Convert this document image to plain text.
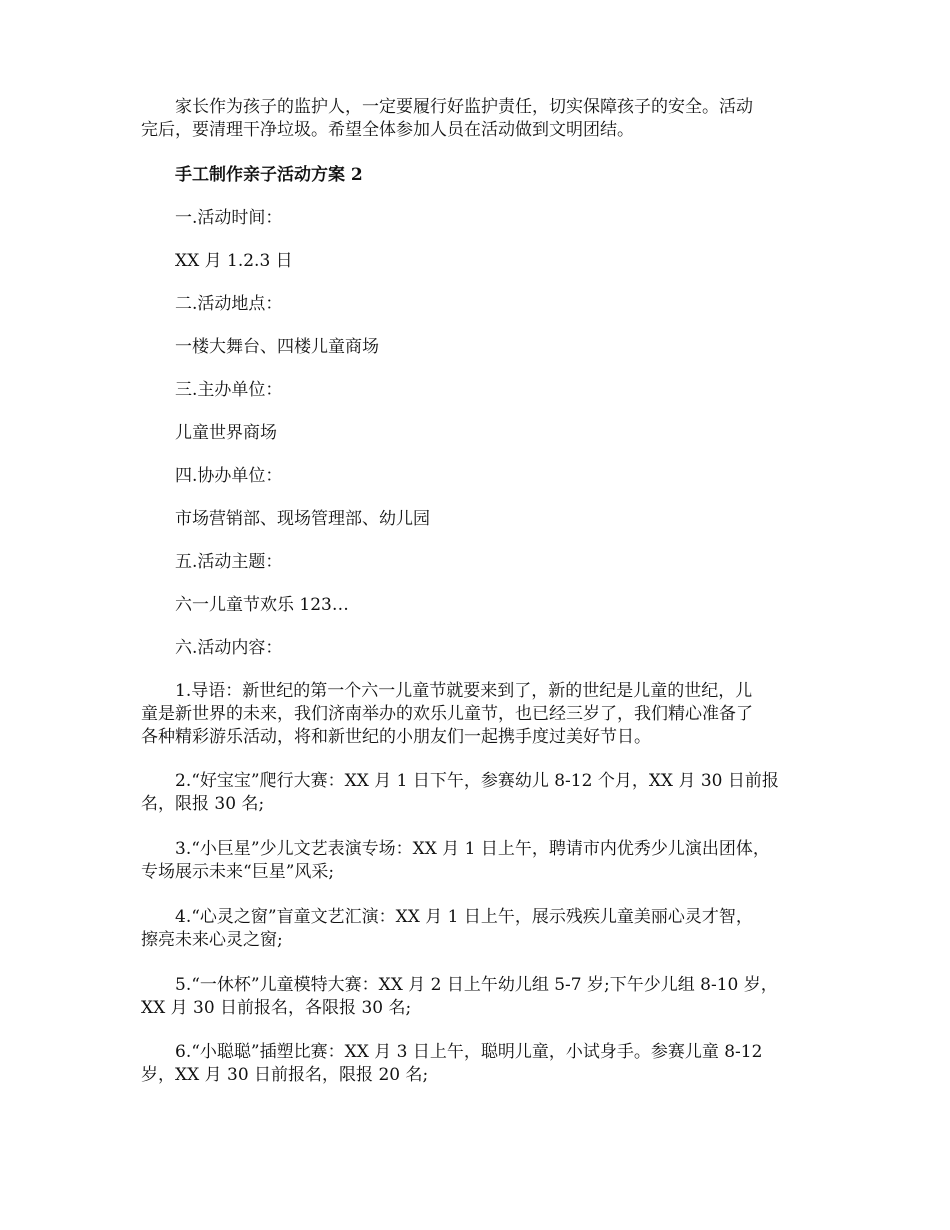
家长作为孩子的监护人，一定要履行好监护责任，切实保障孩子的安全。活动
完后，要清理干净垃圾。希望全体参加人员在活动做到文明团结。

手工制作亲子活动方案 2

一.活动时间：

XX 月 1.2.3 日

二.活动地点：

一楼大舞台、四楼儿童商场

三.主办单位：

儿童世界商场

四.协办单位：

市场营销部、现场管理部、幼儿园

五.活动主题：

六一儿童节欢乐 123…

六.活动内容：

1.导语：新世纪的第一个六一儿童节就要来到了，新的世纪是儿童的世纪，儿
童是新世界的未来，我们济南举办的欢乐儿童节，也已经三岁了，我们精心准备了
各种精彩游乐活动，将和新世纪的小朋友们一起携手度过美好节日。

2.“好宝宝”爬行大赛：XX 月 1 日下午，参赛幼儿 8-12 个月，XX 月 30 日前报
名，限报 30 名;

3.“小巨星”少儿文艺表演专场：XX 月 1 日上午，聘请市内优秀少儿演出团体，
专场展示未来“巨星”风采;

4.“心灵之窗”盲童文艺汇演：XX 月 1 日上午，展示残疾儿童美丽心灵才智，
擦亮未来心灵之窗;

5.“一休杯”儿童模特大赛：XX 月 2 日上午幼儿组 5-7 岁;下午少儿组 8-10 岁，
XX 月 30 日前报名，各限报 30 名;

6.“小聪聪”插塑比赛：XX 月 3 日上午，聪明儿童，小试身手。参赛儿童 8-12
岁，XX 月 30 日前报名，限报 20 名;
